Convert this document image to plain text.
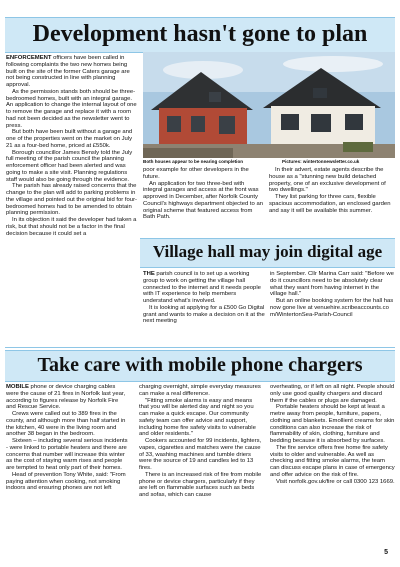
Development hasn't gone to plan

ENFORCEMENT officers have been called in following complaints the two new homes being built on the site of the former Caters garage are not being constructed in line with planning approval.

As the permission stands both should be three-bedroomed homes, built with an integral garage. An application to change the internal layout of one to remove the garage and replace it with a room had not been decided as the newsletter went to press.

But both have been built without a garage and one of the properties went on the market on July 21 as a four-bed home, priced at £550k.

Borough councillor James Bensly told the July full meeting of the parish council the planning enforcement officer had been alerted and was going to make a site visit. Planning regulations staff would also be going through the evidence.

The parish has already raised concerns that the change to the plan will add to parking problems in the village and pointed out the original bid for four-bedroomed homes had to be amended to obtain planning permission.

In its objection it said the developer had taken a risk, but that should not be a factor in the final decision because it could set a

Both houses appear to be nearing completion	Pictures: wintertonnewsletter.co.uk

poor example for other developers in the future.

An application for two three-bed with integral garages and access at the front was approved in December, after Norfolk County Council's highways department objected to an original scheme that featured access from Bath Path.

In their advert, estate agents describe the house as a "stunning new build detached property, one of an exclusive development of two dwellings."

They list parking for three cars, flexible spacious accommodation, an enclosed garden and say it will be available this summer.

Village hall may join digital age

THE parish council is to set up a working group to work on getting the village hall connected to the internet and it needs people with IT experience to help members understand what's involved.

It is looking at applying for a £500 Go Digital grant and wants to make a decision on it at the next meeting

in September. Cllr Marina Carr said: "Before we do it councillors need to be absolutely clear what they want from having internet in the village hall."

But an online booking system for the hall has now gone live at venuehire.scribeaccounts.com/WintertonSea-Parish-Council

Take care with mobile phone chargers

MOBILE phone or device charging cables were the cause of 21 fires in Norfolk last year, according to figures release by Norfolk Fire and Rescue Service.

Crews were called out to 389 fires in the county, and although more than half started in the kitchen, 40 were in the living room and another 38 began in the bedroom.

Sixteen – including several serious incidents - were linked to portable heaters and there are concerns that number will increase this winter as the cost of staying warm rises and people are tempted to heat only part of their homes.

Head of prevention Tony White, said: "From paying attention when cooking, not smoking indoors and ensuring phones are not left

charging overnight, simple everyday measures can make a real difference.

"Fitting smoke alarms is easy and means that you will be alerted day and night so you can make a quick escape. Our community safety team can offer advice and support, including home fire safety visits to vulnerable and older residents."

Cookers accounted for 99 incidents, lighters, vapes, cigarettes and matches were the cause of 33, washing machines and tumble driers were the source of 19 and candles led to 13 fires.

There is an increased risk of fire from mobile phone or device chargers, particularly if they are left on flammable surfaces such as beds and sofas, which can cause

overheating, or if left on all night. People should only use good quality chargers and discard them if the cables or plugs are damaged.

Portable heaters should be kept at least a metre away from people, furniture, papers, clothing and blankets. Emollient creams for skin conditions can also increase the risk of flammability of skin, clothing, furniture and bedding because it is absorbed by surfaces.

The fire service offers free home fire safety visits to older and vulnerable. As well as checking and fitting smoke alarms, the team can discuss escape plans in case of emergency and offer advice on the risk of fire.

Visit norfolk.gov.uk/fire or call 0300 123 1669.

5
